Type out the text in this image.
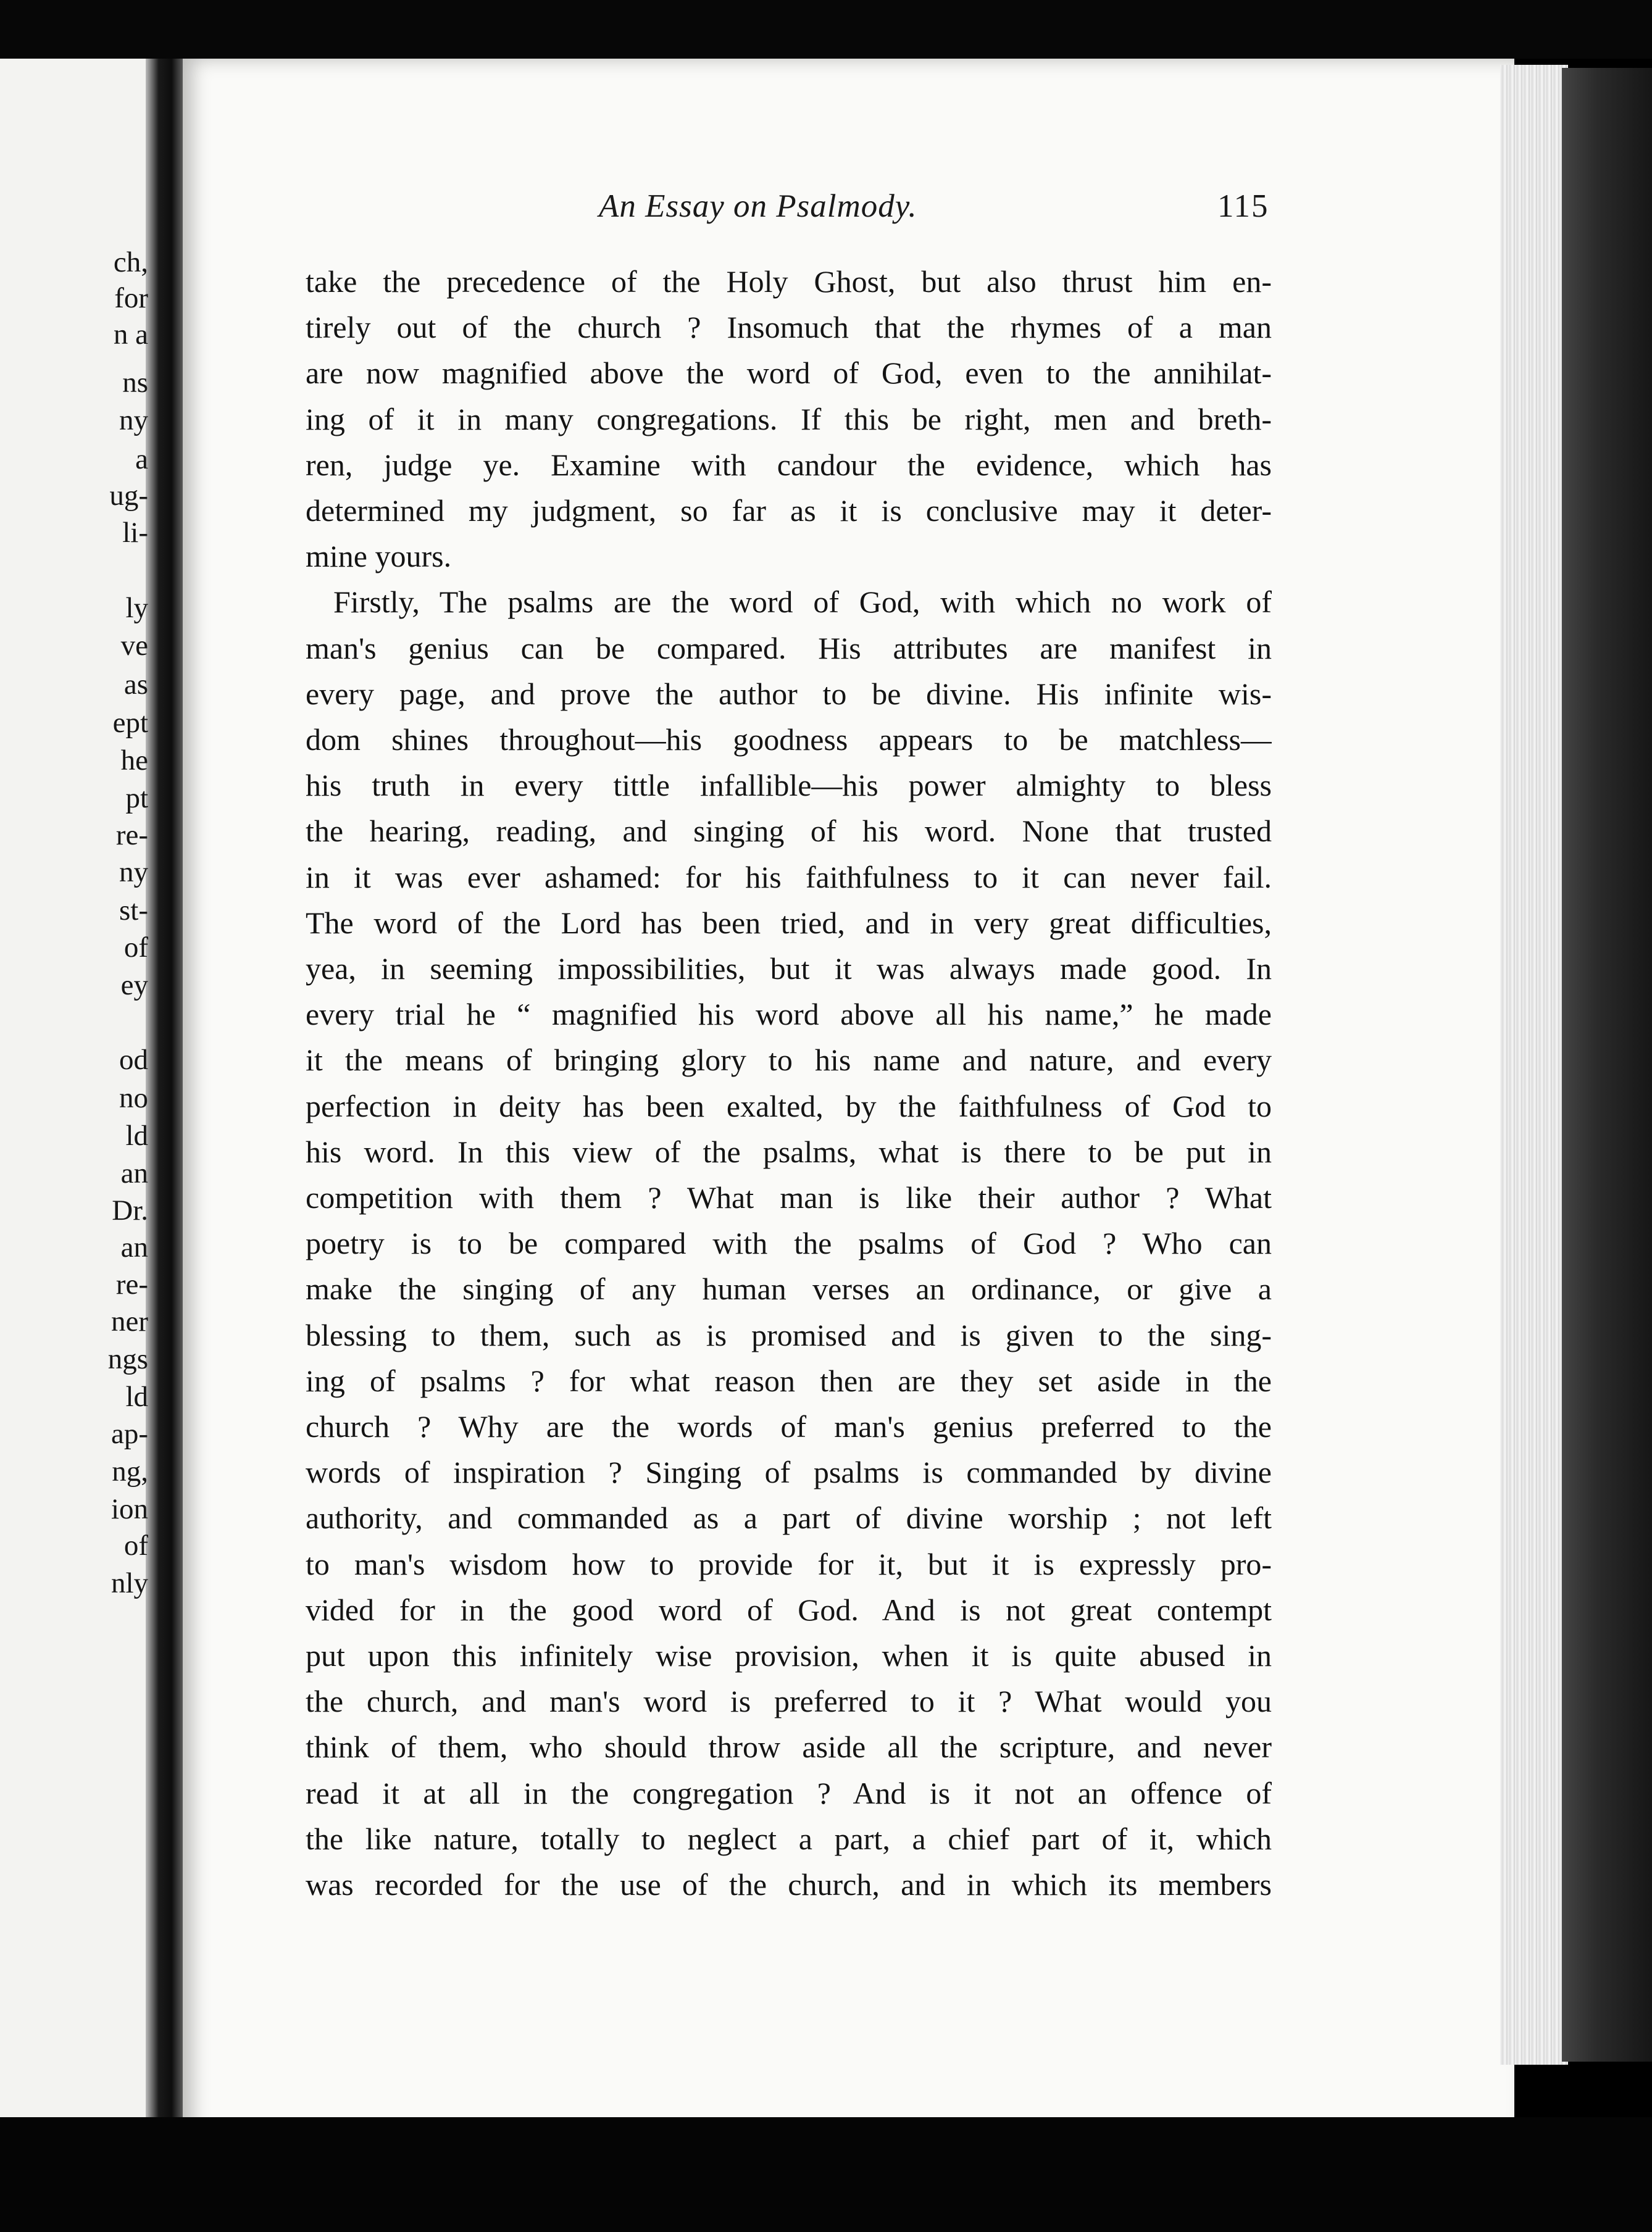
ch,
for
n a
ns
ny
a
ug-
li-
ly
ve
as
ept
he
pt
re-
ny
st-
of
ey
od
no
ld
an
Dr.
an
re-
ner
ngs
ld
ap-
ng,
ion
of
nly
An Essay on Psalmody.	115
take the precedence of the Holy Ghost, but also thrust him en-
tirely out of the church ? Insomuch that the rhymes of a man
are now magnified above the word of God, even to the annihilat-
ing of it in many congregations. If this be right, men and breth-
ren, judge ye. Examine with candour the evidence, which has
determined my judgment, so far as it is conclusive may it deter-
mine yours.
Firstly, The psalms are the word of God, with which no work of
man's genius can be compared. His attributes are manifest in
every page, and prove the author to be divine. His infinite wis-
dom shines throughout—his goodness appears to be matchless—
his truth in every tittle infallible—his power almighty to bless
the hearing, reading, and singing of his word. None that trusted
in it was ever ashamed: for his faithfulness to it can never fail.
The word of the Lord has been tried, and in very great difficulties,
yea, in seeming impossibilities, but it was always made good. In
every trial he “ magnified his word above all his name,” he made
it the means of bringing glory to his name and nature, and every
perfection in deity has been exalted, by the faithfulness of God to
his word. In this view of the psalms, what is there to be put in
competition with them ? What man is like their author ? What
poetry is to be compared with the psalms of God ? Who can
make the singing of any human verses an ordinance, or give a
blessing to them, such as is promised and is given to the sing-
ing of psalms ? for what reason then are they set aside in the
church ? Why are the words of man's genius preferred to the
words of inspiration ? Singing of psalms is commanded by divine
authority, and commanded as a part of divine worship ; not left
to man's wisdom how to provide for it, but it is expressly pro-
vided for in the good word of God. And is not great contempt
put upon this infinitely wise provision, when it is quite abused in
the church, and man's word is preferred to it ? What would you
think of them, who should throw aside all the scripture, and never
read it at all in the congregation ? And is it not an offence of
the like nature, totally to neglect a part, a chief part of it, which
was recorded for the use of the church, and in which its members
